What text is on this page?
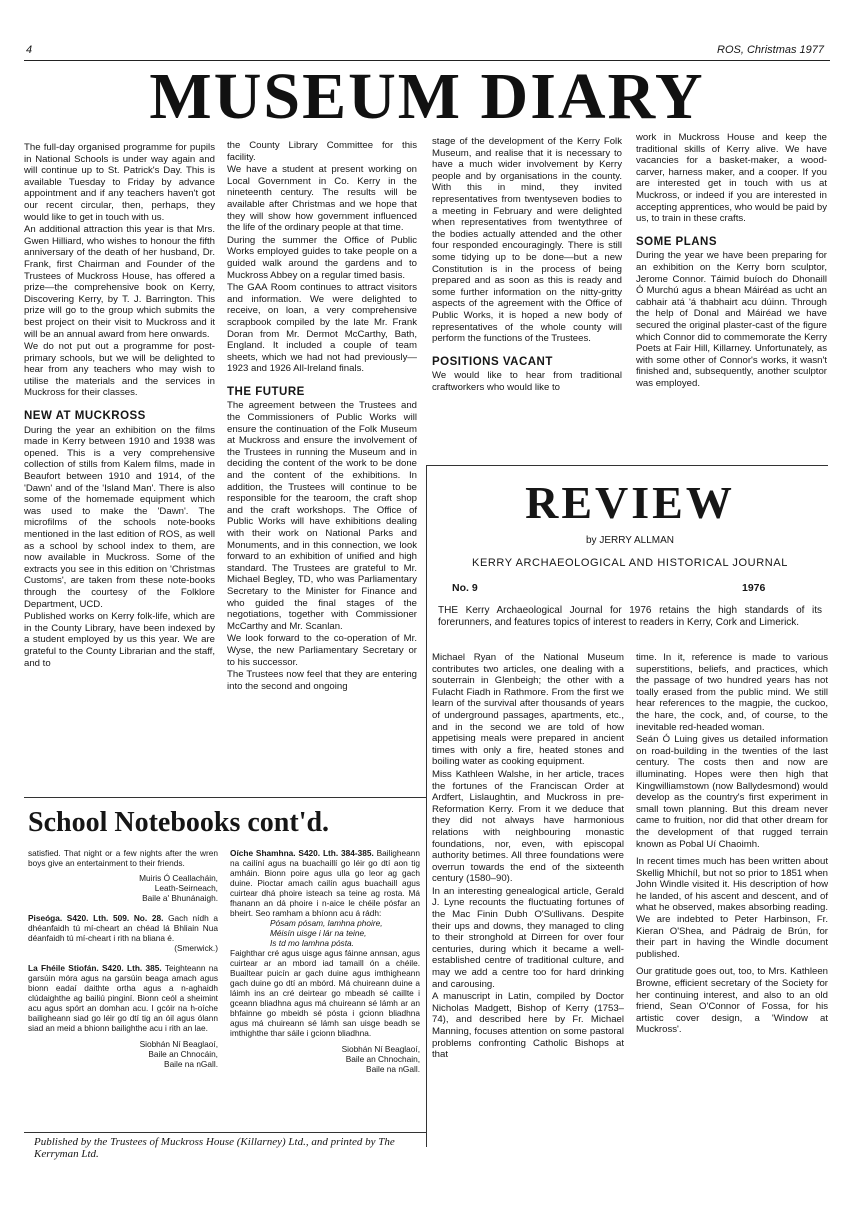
4	ROS, Christmas 1977
MUSEUM DIARY

The full-day organised programme for pupils in National Schools is under way again and will continue up to St. Patrick's Day. This is available Tuesday to Friday by advance appointment and if any teachers haven't got our recent circular, then, perhaps, they would like to get in touch with us.

An additional attraction this year is that Mrs. Gwen Hilliard, who wishes to honour the fifth anniversary of the death of her husband, Dr. Frank, first Chairman and Founder of the Trustees of Muckross House, has offered a prize—the comprehensive book on Kerry, Discovering Kerry, by T. J. Barrington. This prize will go to the group which submits the best project on their visit to Muckross and it will be an annual award from here onwards.

We do not put out a programme for post-primary schools, but we will be delighted to hear from any teachers who may wish to utilise the materials and the services in Muckross for their classes.

NEW AT MUCKROSS

During the year an exhibition on the films made in Kerry between 1910 and 1938 was opened. This is a very comprehensive collection of stills from Kalem films, made in Beaufort between 1910 and 1914, of the 'Dawn' and of the 'Island Man'. There is also some of the homemade equipment which was used to make the 'Dawn'. The microfilms of the schools note-books mentioned in the last edition of ROS, as well as a school by school index to them, are now available in Muckross. Some of the extracts you see in this edition on 'Christmas Customs', are taken from these note-books through the courtesy of the Folklore Department, UCD.

Published works on Kerry folk-life, which are in the County Library, have been indexed by a student employed by us this year. We are grateful to the County Librarian and the staff, and to

the County Library Committee for this facility.

We have a student at present working on Local Government in Co. Kerry in the nineteenth century. The results will be available after Christmas and we hope that they will show how government influenced the life of the ordinary people at that time.

During the summer the Office of Public Works employed guides to take people on a guided walk around the gardens and to Muckross Abbey on a regular timed basis.

The GAA Room continues to attract visitors and information. We were delighted to receive, on loan, a very comprehensive scrapbook compiled by the late Mr. Frank Doran from Mr. Dermot McCarthy, Bath, England. It included a couple of team sheets, which we had not had previously—1923 and 1926 All-Ireland finals.

THE FUTURE

The agreement between the Trustees and the Commissioners of Public Works will ensure the continuation of the Folk Museum at Muckross and ensure the involvement of the Trustees in running the Museum and in deciding the content of the work to be done and the content of the exhibitions. In addition, the Trustees will continue to be responsible for the tearoom, the craft shop and the craft workshops. The Office of Public Works will have exhibitions dealing with their work on National Parks and Monuments, and in this connection, we look forward to an exhibition of unified and high standard. The Trustees are grateful to Mr. Michael Begley, TD, who was Parliamentary Secretary to the Minister for Finance and who guided the final stages of the negotiations, together with Commissioner McCarthy and Mr. Scanlan.

We look forward to the co-operation of Mr. Wyse, the new Parliamentary Secretary or to his successor.

The Trustees now feel that they are entering into the second and ongoing

stage of the development of the Kerry Folk Museum, and realise that it is necessary to have a much wider involvement by Kerry people and by organisations in the county. With this in mind, they invited representatives from twentyseven bodies to a meeting in February and were delighted when representatives from twentythree of the bodies actually attended and the other four responded encouragingly. There is still some tidying up to be done—but a new Constitution is in the process of being prepared and as soon as this is ready and some further information on the nitty-gritty aspects of the agreement with the Office of Public Works, it is hoped a new body of representatives of the whole county will perform the functions of the Trustees.

POSITIONS VACANT

We would like to hear from traditional craftworkers who would like to

work in Muckross House and keep the traditional skills of Kerry alive. We have vacancies for a basket-maker, a wood-carver, harness maker, and a cooper. If you are interested get in touch with us at Muckross, or indeed if you are interested in accepting apprentices, who would be paid by us, to train in these crafts.

SOME PLANS

During the year we have been preparing for an exhibition on the Kerry born sculptor, Jerome Connor. Táimid buíoch do Dhonaill Ó Murchú agus a bhean Máiréad as ucht an cabhair atá 'á thabhairt acu dúinn. Through the help of Donal and Máiréad we have secured the original plaster-cast of the figure which Connor did to commemorate the Kerry Poets at Fair Hill, Killarney. Unfortunately, as with some other of Connor's works, it wasn't finished and, subsequently, another sculptor was employed.

REVIEW
by JERRY ALLMAN
KERRY ARCHAEOLOGICAL AND HISTORICAL JOURNAL
No. 9	1976
THE Kerry Archaeological Journal for 1976 retains the high standards of its forerunners, and features topics of interest to readers in Kerry, Cork and Limerick.

Michael Ryan of the National Museum contributes two articles, one dealing with a souterrain in Glenbeigh; the other with a Fulacht Fiadh in Rathmore. From the first we learn of the survival after thousands of years of underground passages, apartments, etc., and in the second we are told of how appetising meals were prepared in ancient times with only a fire, heated stones and boiling water as cooking equipment.

Miss Kathleen Walshe, in her article, traces the fortunes of the Franciscan Order at Ardfert, Lislaughtin, and Muckross in pre-Reformation Kerry. From it we deduce that they did not always have harmonious relations with neighbouring monastic foundations, nor, even, with episcopal authority betimes. All three foundations were overrun towards the end of the sixteenth century (1580–90).

In an interesting genealogical article, Gerald J. Lyne recounts the fluctuating fortunes of the Mac Finin Dubh O'Sullivans. Despite their ups and downs, they managed to cling to their stronghold at Dirreen for over four centuries, during which it became a well-established centre of traditional culture, and may we add a centre too for hard drinking and carousing.

A manuscript in Latin, compiled by Doctor Nicholas Madgett, Bishop of Kerry (1753–74), and described here by Fr. Michael Manning, focuses attention on some pastoral problems confronting Catholic Bishops at that

time. In it, reference is made to various superstitions, beliefs, and practices, which the passage of two hundred years has not toally erased from the public mind. We still hear references to the magpie, the cuckoo, the hare, the cock, and, of course, to the inevitable red-headed woman.

Seán Ó Luing gives us detailed information on road-building in the twenties of the last century. The costs then and now are illuminating. Hopes were then high that Kingwilliamstown (now Ballydesmond) would develop as the country's first experiment in small town planning. But this dream never came to fruition, nor did that other dream for the development of that rugged terrain known as Pobal Uí Chaoimh.

In recent times much has been written about Skellig Mhichíl, but not so prior to 1851 when John Windle visited it. His description of how he landed, of his ascent and descent, and of what he observed, makes absorbing reading. We are indebted to Peter Harbinson, Fr. Kieran O'Shea, and Pádraig de Brún, for their part in having the Windle document published.

Our gratitude goes out, too, to Mrs. Kathleen Browne, efficient secretary of the Society for her continuing interest, and also to an old friend, Sean O'Connor of Fossa, for his artistic cover design, a 'Window at Muckross'.

School Notebooks cont'd.

satisfied. That night or a few nights after the wren boys give an entertainment to their friends.

Muiris Ó Ceallacháin,

Leath-Seirneach,

Baile a' Bhunánaigh.

Piseóga. S420. Lth. 509. No. 28. Gach nídh a dhéanfaidh tú mí-cheart an chéad lá Bhliain Nua déanfaidh tú mí-cheart i rith na bliana é.

(Smerwick.)

La Fhéile Stiofán. S420. Lth. 385. Teighteann na garsúin móra agus na garsúin beaga amach agus bionn eadaí daithte ortha agus a n-aghaidh clúdaighthe ag bailiú pinginí. Bionn ceól a sheimint acu agus spórt an domhan acu. I gcóir na h-oíche bailigheann siad go léir go dtí tig an óil agus ólann siad an meid a bhionn bailighthe acu i rith an lae.

Siobhán Ní Beaglaoí,

Baile an Chnocáin,

Baile na nGall.

Oíche Shamhna. S420. Lth. 384-385. Bailigheann na cailíní agus na buachaillí go léir go dtí aon tig amháin. Bionn poire agus ulla go leor ag gach duine. Pioctar amach cailín agus buachaill agus cuirtear dhá phoire isteach sa teine ag rosta. Má fhanann an dá phoire i n-aice le chéile pósfar an bheirt. Seo ramham a bhíonn acu á rádh:

Pósam pósam, lamhna phoire,

Méisín uisge i lár na teine,

Is td mo lamhna pósta.

Faighthar cré agus uisge agus fáinne annsan, agus cuirtear ar an mbord iad tamaill ón a chéile. Buailtear puicín ar gach duine agus imthigheann gach duine go dtí an mbórd. Má chuireann duine a láimh ins an cré deirtear go mbeadh sé caillte i gceann bliadhna agus má chuireann sé lámh ar an bhfainne go mbeidh sé pósta i gcionn bliadhna agus má chuireann sé lámh san uisge beadh se imthighthe thar sáile i gcionn bliadhna.

Siobhán Ní Beaglaoí,

Baile an Chnochain,

Baile na nGall.

Published by the Trustees of Muckross House (Killarney) Ltd., and printed by The Kerryman Ltd.
